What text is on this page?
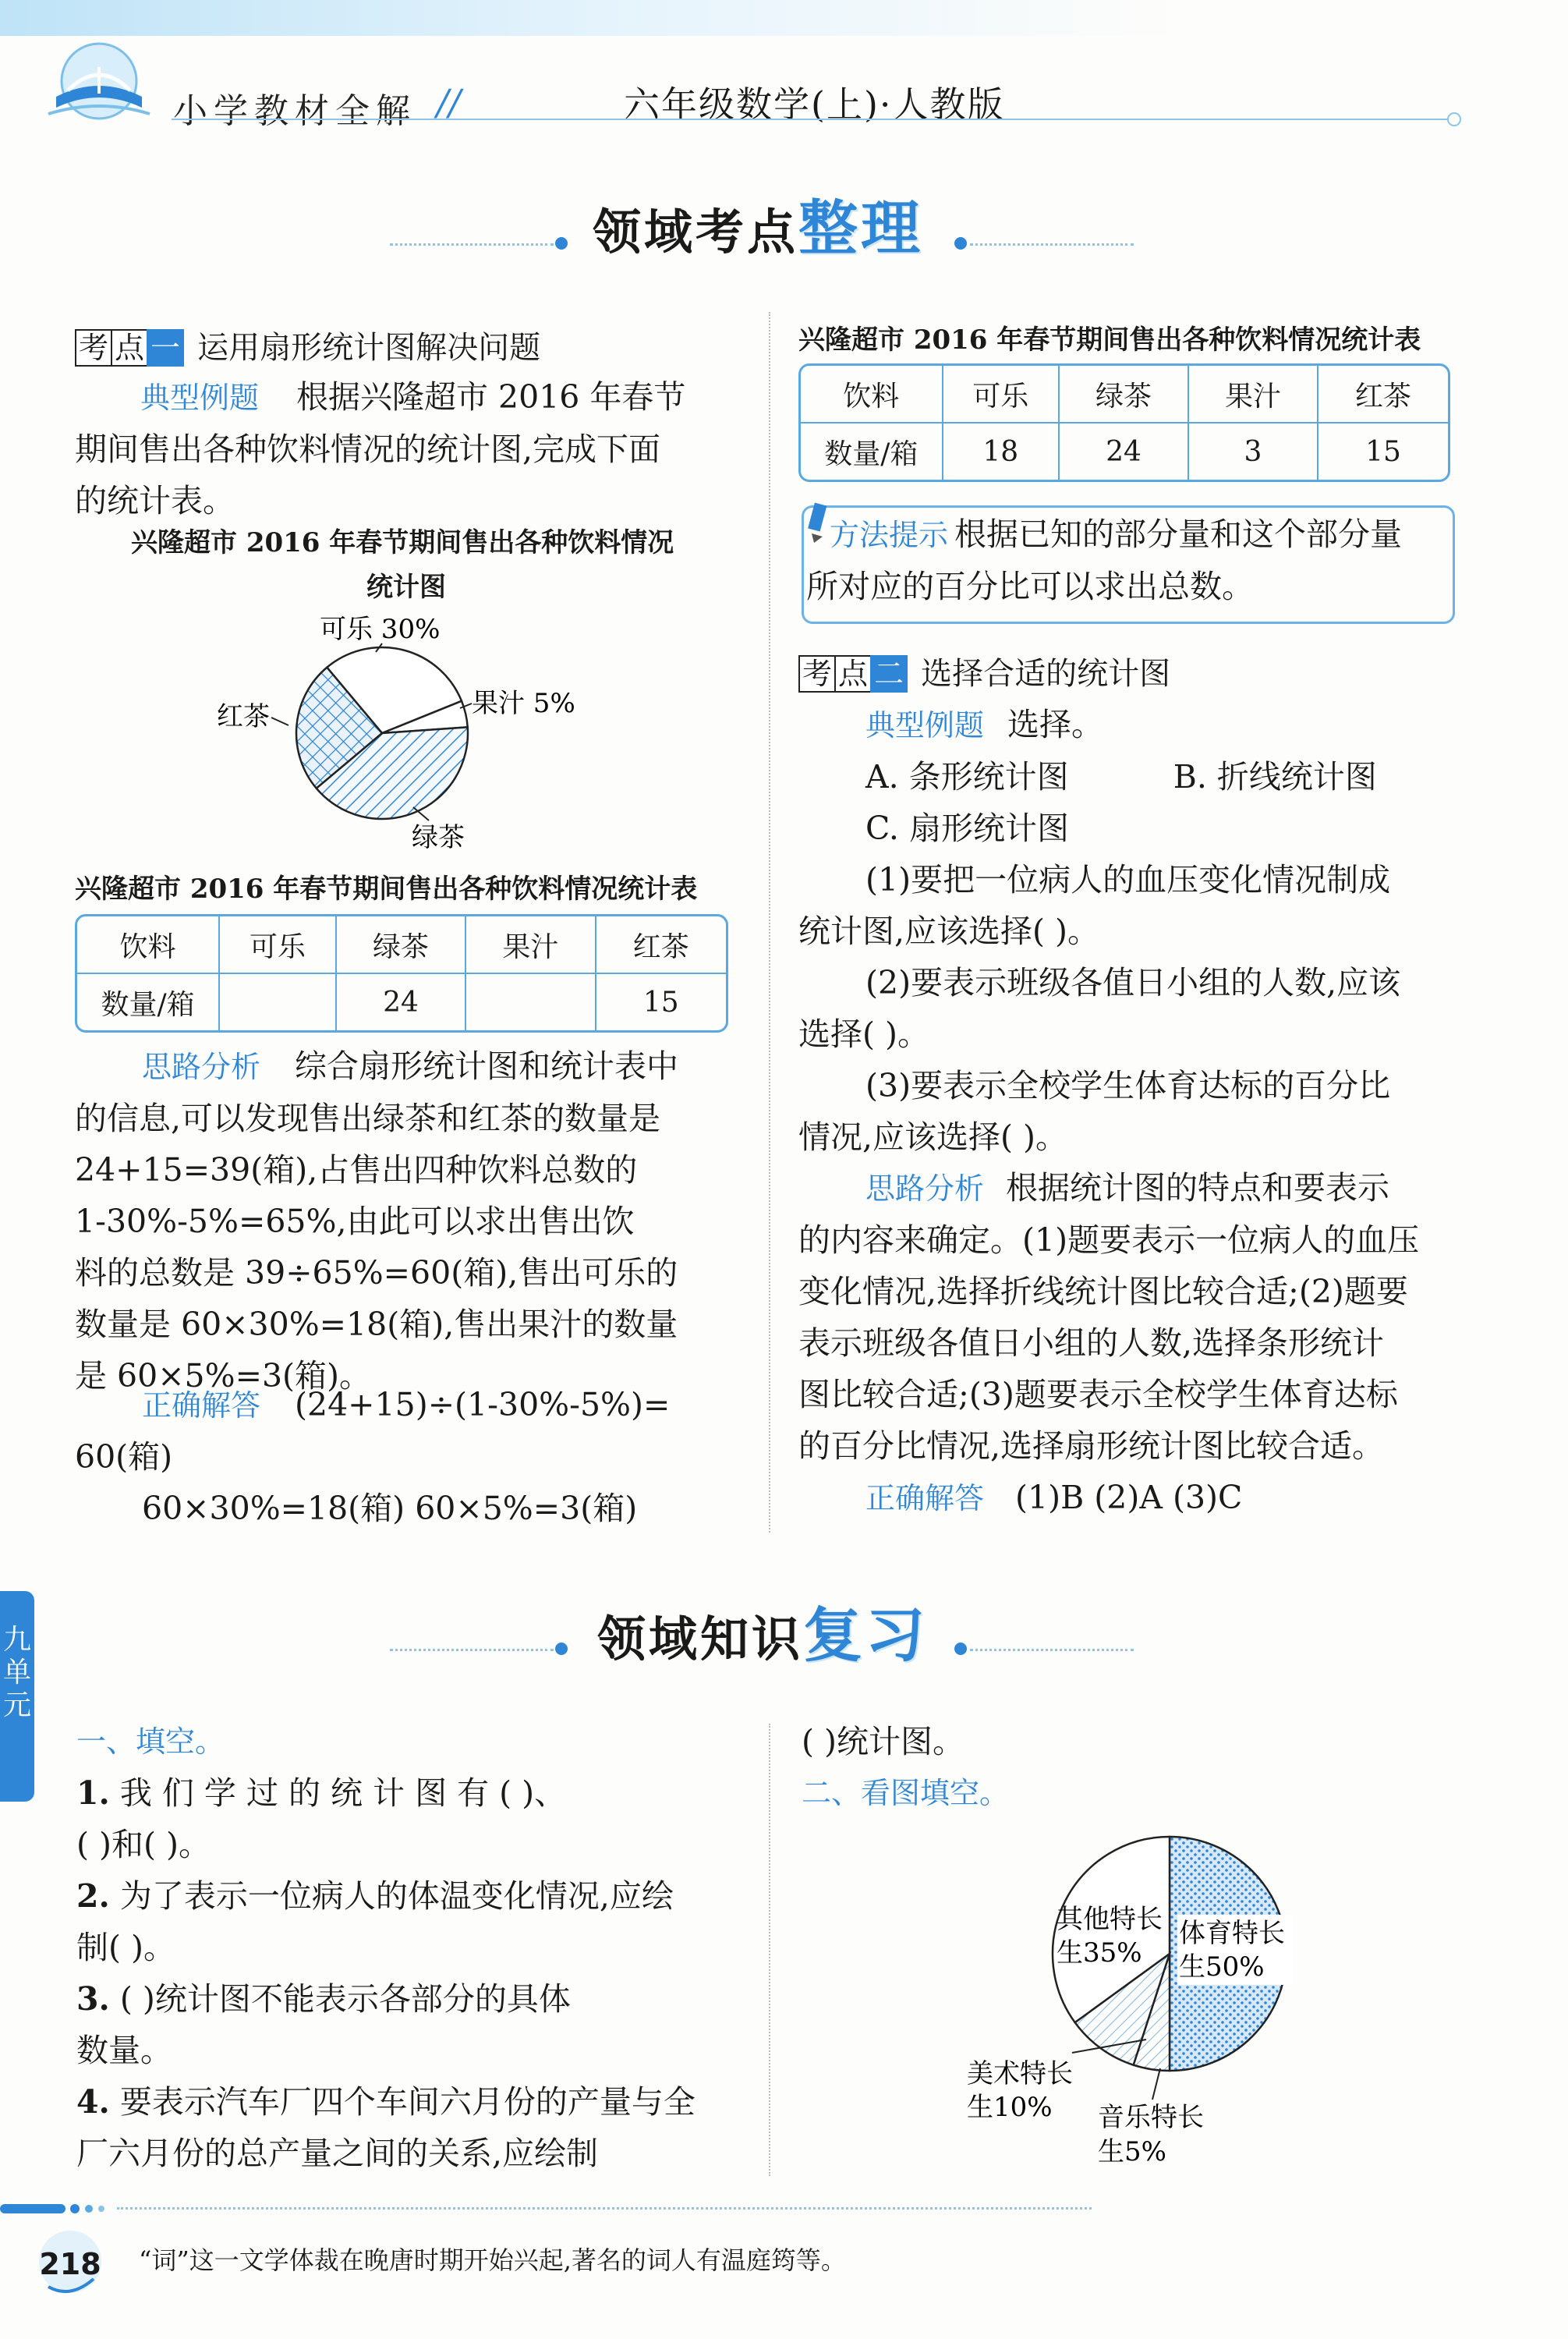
小学教材全解 //	六年级数学(上)·人教版
领域考点整理
考 点 一 运用扇形统计图解决问题
典型例题 根据兴隆超市 2016 年春节
期间售出各种饮料情况的统计图,完成下面
的统计表。
兴隆超市 2016 年春节期间售出各种饮料情况
统计图
可乐 30%
果汁 5%
红茶
绿茶
兴隆超市 2016 年春节期间售出各种饮料情况统计表
饮料	可乐	绿茶	果汁	红茶
数量/箱		24		15
思路分析 综合扇形统计图和统计表中
的信息,可以发现售出绿茶和红茶的数量是
24+15=39(箱),占售出四种饮料总数的
1-30%-5%=65%,由此可以求出售出饮
料的总数是 39÷65%=60(箱),售出可乐的
数量是 60×30%=18(箱),售出果汁的数量
是 60×5%=3(箱)。
正确解答 (24+15)÷(1-30%-5%)=
60(箱)
60×30%=18(箱) 60×5%=3(箱)
兴隆超市 2016 年春节期间售出各种饮料情况统计表
饮料	可乐	绿茶	果汁	红茶
数量/箱	18	24	3	15
方法提示 根据已知的部分量和这个部分量
所对应的百分比可以求出总数。
考 点 二 选择合适的统计图
典型例题 选择。
A. 条形统计图	B. 折线统计图
C. 扇形统计图
(1)要把一位病人的血压变化情况制成
统计图,应该选择( )。
(2)要表示班级各值日小组的人数,应该
选择( )。
(3)要表示全校学生体育达标的百分比
情况,应该选择( )。
思路分析 根据统计图的特点和要表示
的内容来确定。(1)题要表示一位病人的血压
变化情况,选择折线统计图比较合适;(2)题要
表示班级各值日小组的人数,选择条形统计
图比较合适;(3)题要表示全校学生体育达标
的百分比情况,选择扇形统计图比较合适。
正确解答 (1)B (2)A (3)C
领域知识复习
九
单
元
一、填空。
1. 我 们 学 过 的 统 计 图 有 ( )、
( )和( )。
2. 为了表示一位病人的体温变化情况,应绘
制( )。
3. ( )统计图不能表示各部分的具体
数量。
4. 要表示汽车厂四个车间六月份的产量与全
厂六月份的总产量之间的关系,应绘制
( )统计图。
二、看图填空。
体育特长
生50%
其他特长
生35%
美术特长
生10% 音乐特长
生5%
218 “词”这一文学体裁在晚唐时期开始兴起,著名的词人有温庭筠等。
